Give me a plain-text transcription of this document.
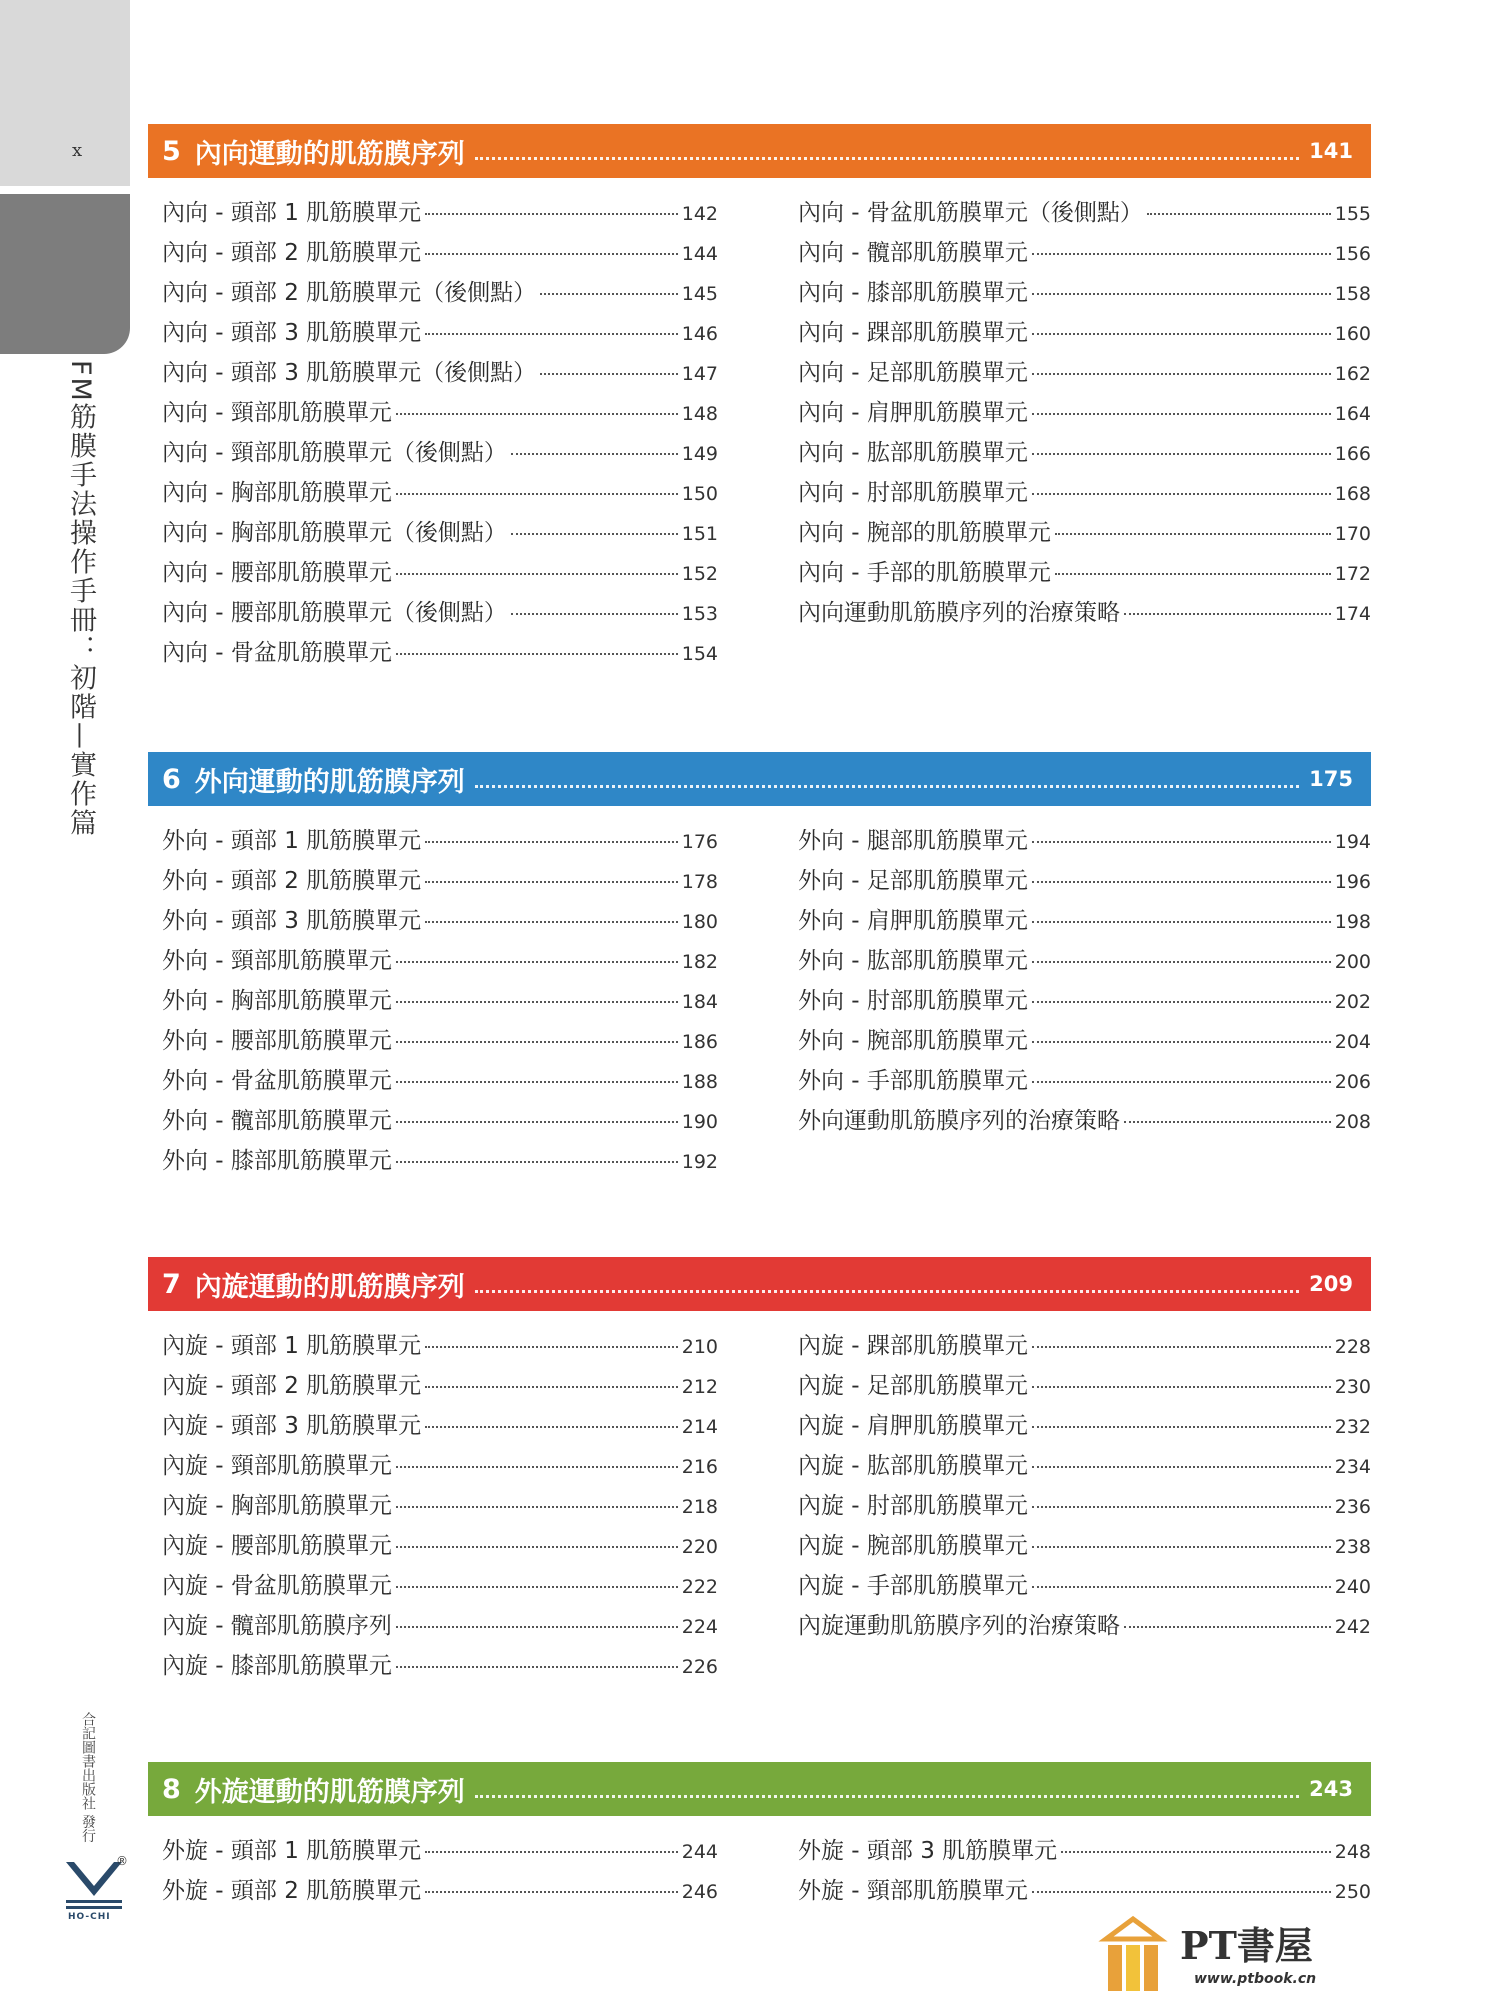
x
FM筋膜手法操作手冊：初階—實作篇
合記圖書出版社 發行
®
HO-CHI
5 內向運動的肌筋膜序列	141
內向 - 頭部 1 肌筋膜單元	142
內向 - 頭部 2 肌筋膜單元	144
內向 - 頭部 2 肌筋膜單元（後側點）	145
內向 - 頭部 3 肌筋膜單元	146
內向 - 頭部 3 肌筋膜單元（後側點）	147
內向 - 頸部肌筋膜單元	148
內向 - 頸部肌筋膜單元（後側點）	149
內向 - 胸部肌筋膜單元	150
內向 - 胸部肌筋膜單元（後側點）	151
內向 - 腰部肌筋膜單元	152
內向 - 腰部肌筋膜單元（後側點）	153
內向 - 骨盆肌筋膜單元	154
內向 - 骨盆肌筋膜單元（後側點）	155
內向 - 髖部肌筋膜單元	156
內向 - 膝部肌筋膜單元	158
內向 - 踝部肌筋膜單元	160
內向 - 足部肌筋膜單元	162
內向 - 肩胛肌筋膜單元	164
內向 - 肱部肌筋膜單元	166
內向 - 肘部肌筋膜單元	168
內向 - 腕部的肌筋膜單元	170
內向 - 手部的肌筋膜單元	172
內向運動肌筋膜序列的治療策略	174
6 外向運動的肌筋膜序列	175
外向 - 頭部 1 肌筋膜單元	176
外向 - 頭部 2 肌筋膜單元	178
外向 - 頭部 3 肌筋膜單元	180
外向 - 頸部肌筋膜單元	182
外向 - 胸部肌筋膜單元	184
外向 - 腰部肌筋膜單元	186
外向 - 骨盆肌筋膜單元	188
外向 - 髖部肌筋膜單元	190
外向 - 膝部肌筋膜單元	192
外向 - 腿部肌筋膜單元	194
外向 - 足部肌筋膜單元	196
外向 - 肩胛肌筋膜單元	198
外向 - 肱部肌筋膜單元	200
外向 - 肘部肌筋膜單元	202
外向 - 腕部肌筋膜單元	204
外向 - 手部肌筋膜單元	206
外向運動肌筋膜序列的治療策略	208
7 內旋運動的肌筋膜序列	209
內旋 - 頭部 1 肌筋膜單元	210
內旋 - 頭部 2 肌筋膜單元	212
內旋 - 頭部 3 肌筋膜單元	214
內旋 - 頸部肌筋膜單元	216
內旋 - 胸部肌筋膜單元	218
內旋 - 腰部肌筋膜單元	220
內旋 - 骨盆肌筋膜單元	222
內旋 - 髖部肌筋膜序列	224
內旋 - 膝部肌筋膜單元	226
內旋 - 踝部肌筋膜單元	228
內旋 - 足部肌筋膜單元	230
內旋 - 肩胛肌筋膜單元	232
內旋 - 肱部肌筋膜單元	234
內旋 - 肘部肌筋膜單元	236
內旋 - 腕部肌筋膜單元	238
內旋 - 手部肌筋膜單元	240
內旋運動肌筋膜序列的治療策略	242
8 外旋運動的肌筋膜序列	243
外旋 - 頭部 1 肌筋膜單元	244
外旋 - 頭部 2 肌筋膜單元	246
外旋 - 頭部 3 肌筋膜單元	248
外旋 - 頸部肌筋膜單元	250
PT書屋
www.ptbook.cn
